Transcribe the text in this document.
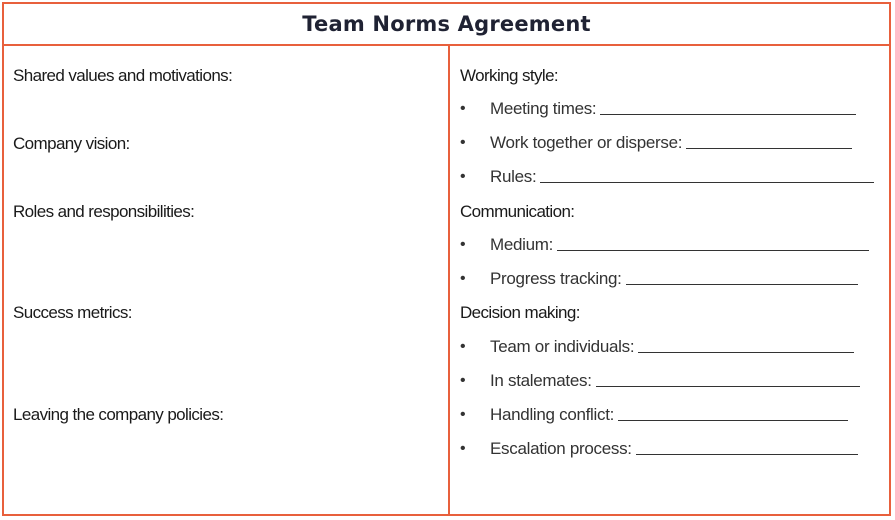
Team Norms Agreement
Shared values and motivations:
Company vision:
Roles and responsibilities:
Success metrics:
Leaving the company policies:
Working style:
•	Meeting times:
•	Work together or disperse:
•	Rules:
Communication:
•	Medium:
•	Progress tracking:
Decision making:
•	Team or individuals:
•	In stalemates:
•	Handling conflict:
•	Escalation process:
